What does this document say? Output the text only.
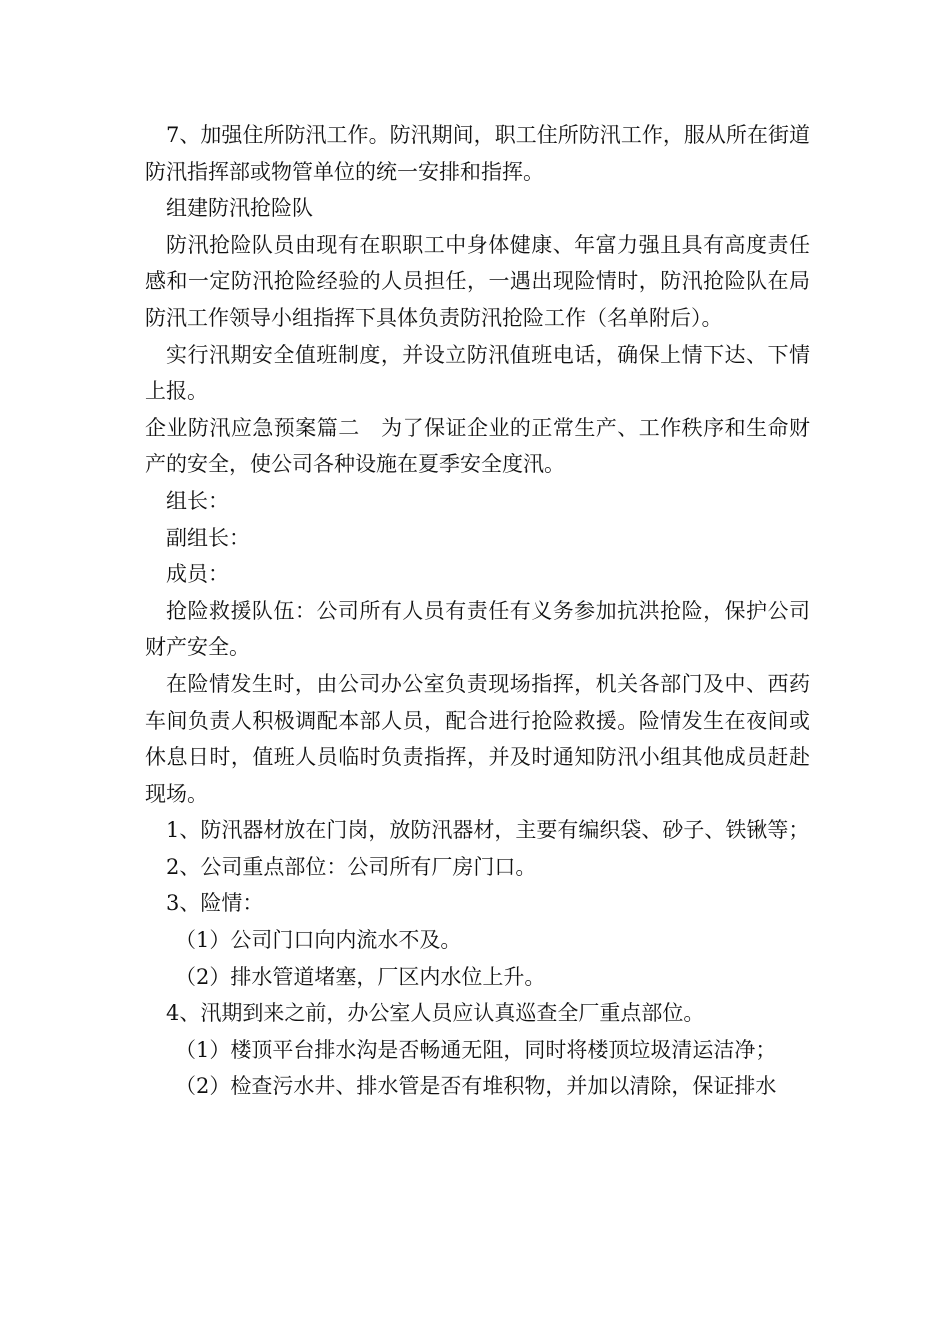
7、加强住所防汛工作。防汛期间，职工住所防汛工作，服从所在街道防汛指挥部或物管单位的统一安排和指挥。

组建防汛抢险队

防汛抢险队员由现有在职职工中身体健康、年富力强且具有高度责任感和一定防汛抢险经验的人员担任，一遇出现险情时，防汛抢险队在局防汛工作领导小组指挥下具体负责防汛抢险工作（名单附后）。

实行汛期安全值班制度，并设立防汛值班电话，确保上情下达、下情上报。

企业防汛应急预案篇二　为了保证企业的正常生产、工作秩序和生命财产的安全，使公司各种设施在夏季安全度汛。

组长：

副组长：

成员：

抢险救援队伍：公司所有人员有责任有义务参加抗洪抢险，保护公司财产安全。

在险情发生时，由公司办公室负责现场指挥，机关各部门及中、西药车间负责人积极调配本部人员，配合进行抢险救援。险情发生在夜间或休息日时，值班人员临时负责指挥，并及时通知防汛小组其他成员赶赴现场。

1、防汛器材放在门岗，放防汛器材，主要有编织袋、砂子、铁锹等；

2、公司重点部位：公司所有厂房门口。

3、险情：

（1）公司门口向内流水不及。

（2）排水管道堵塞，厂区内水位上升。

4、汛期到来之前，办公室人员应认真巡查全厂重点部位。

（1）楼顶平台排水沟是否畅通无阻，同时将楼顶垃圾清运洁净；

（2）检查污水井、排水管是否有堆积物，并加以清除，保证排水
